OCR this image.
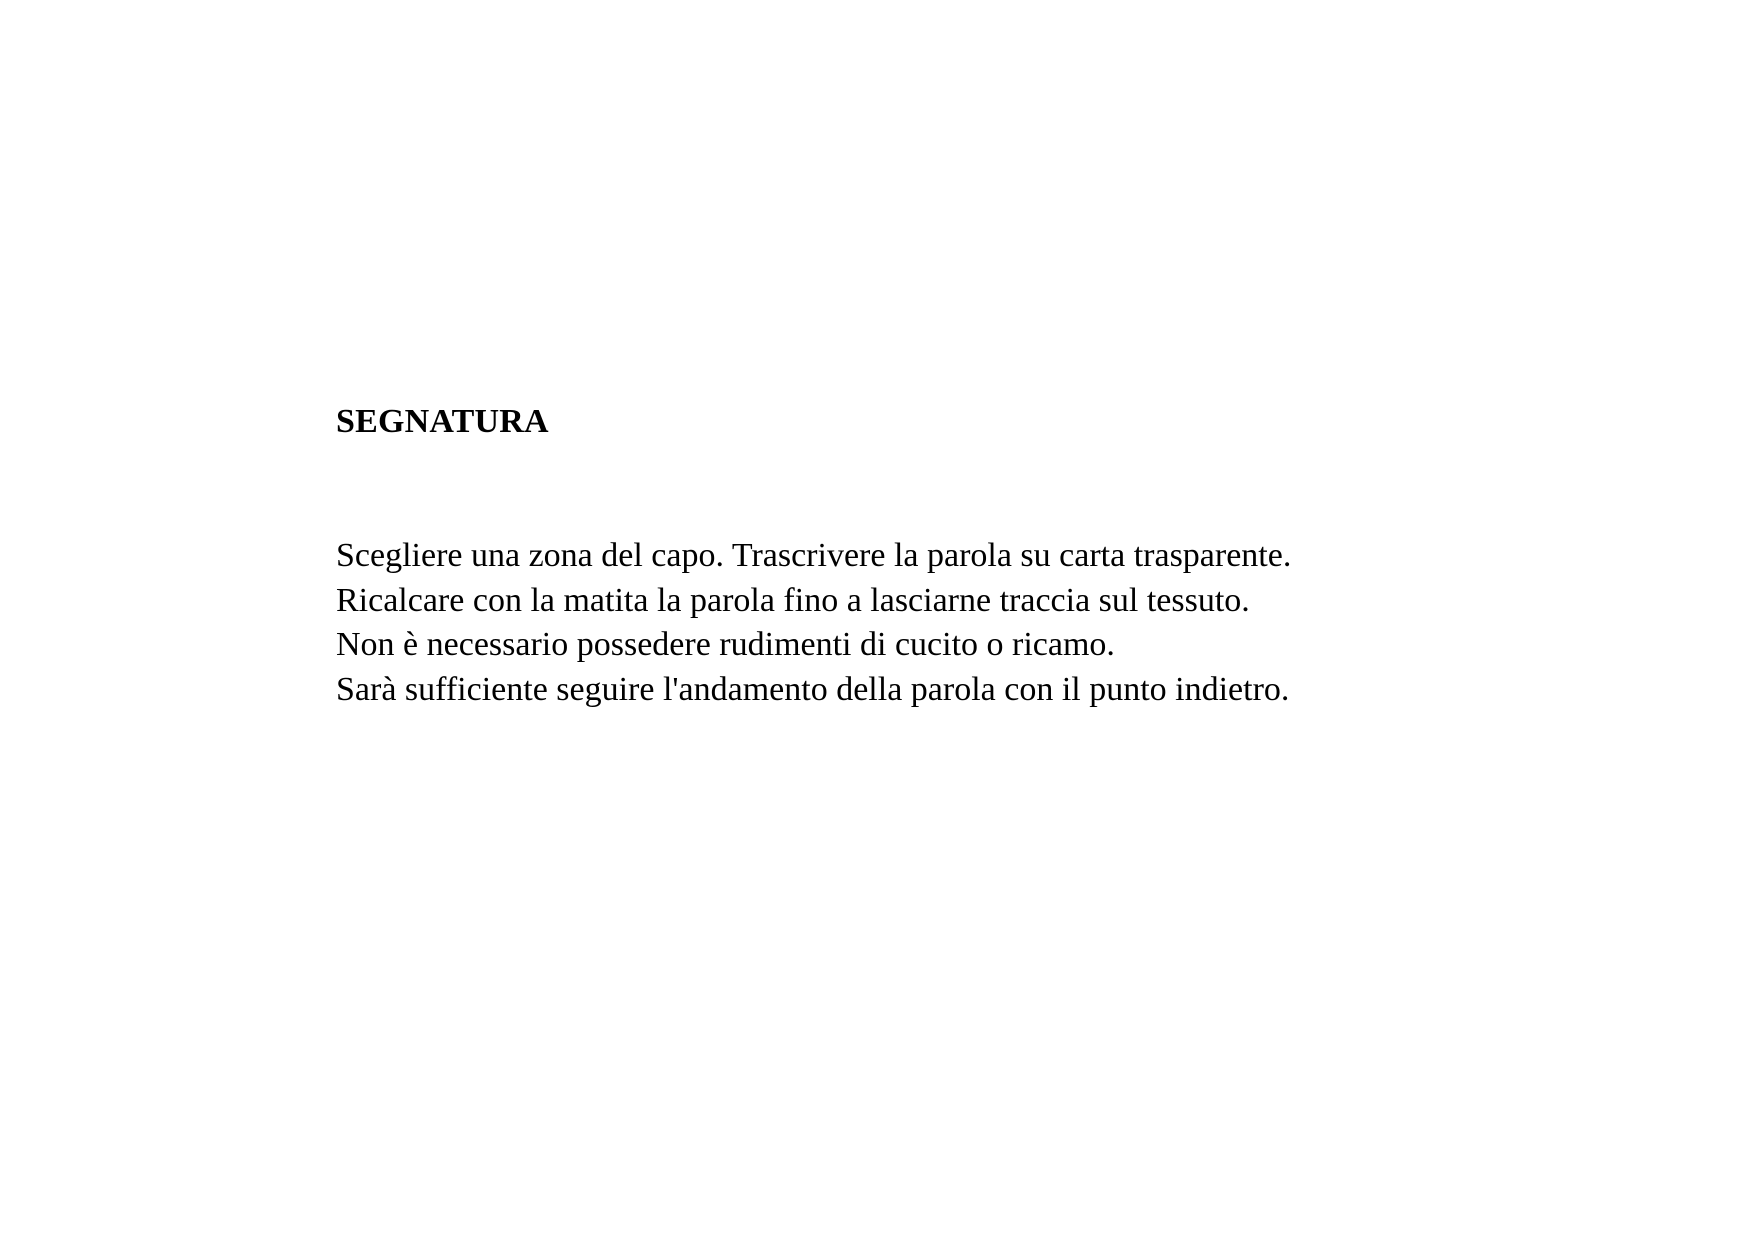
SEGNATURA
Scegliere una zona del capo. Trascrivere la parola su carta trasparente.
Ricalcare con la matita la parola fino a lasciarne traccia sul tessuto.
Non è necessario possedere rudimenti di cucito o ricamo.
Sarà sufficiente seguire l'andamento della parola con il punto indietro.
